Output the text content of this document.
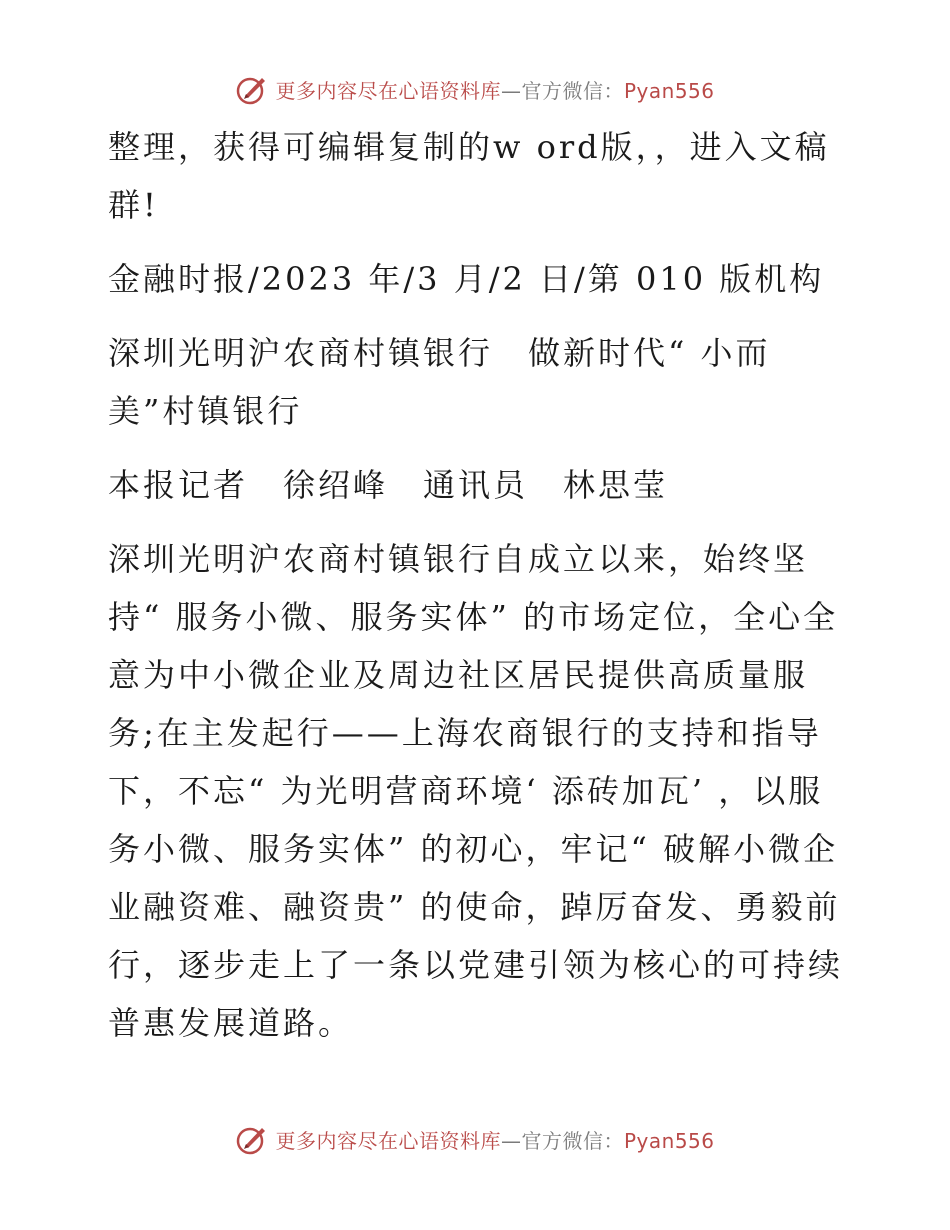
更多内容尽在心语资料库—官方微信：Pyan556

整理，获得可编辑复制的w ord版，，进入文稿群!

金融时报/2023 年/3 月/2 日/第 010 版机构

深圳光明沪农商村镇银行　做新时代“ 小而美”村镇银行

本报记者　徐绍峰　通讯员　林思莹

深圳光明沪农商村镇银行自成立以来，始终坚持“ 服务小微、服务实体” 的市场定位，全心全意为中小微企业及周边社区居民提供高质量服务;在主发起行——上海农商银行的支持和指导下，不忘“ 为光明营商环境‘ 添砖加瓦’ ，以服务小微、服务实体” 的初心，牢记“ 破解小微企业融资难、融资贵” 的使命，踔厉奋发、勇毅前行，逐步走上了一条以党建引领为核心的可持续普惠发展道路。

更多内容尽在心语资料库—官方微信：Pyan556
